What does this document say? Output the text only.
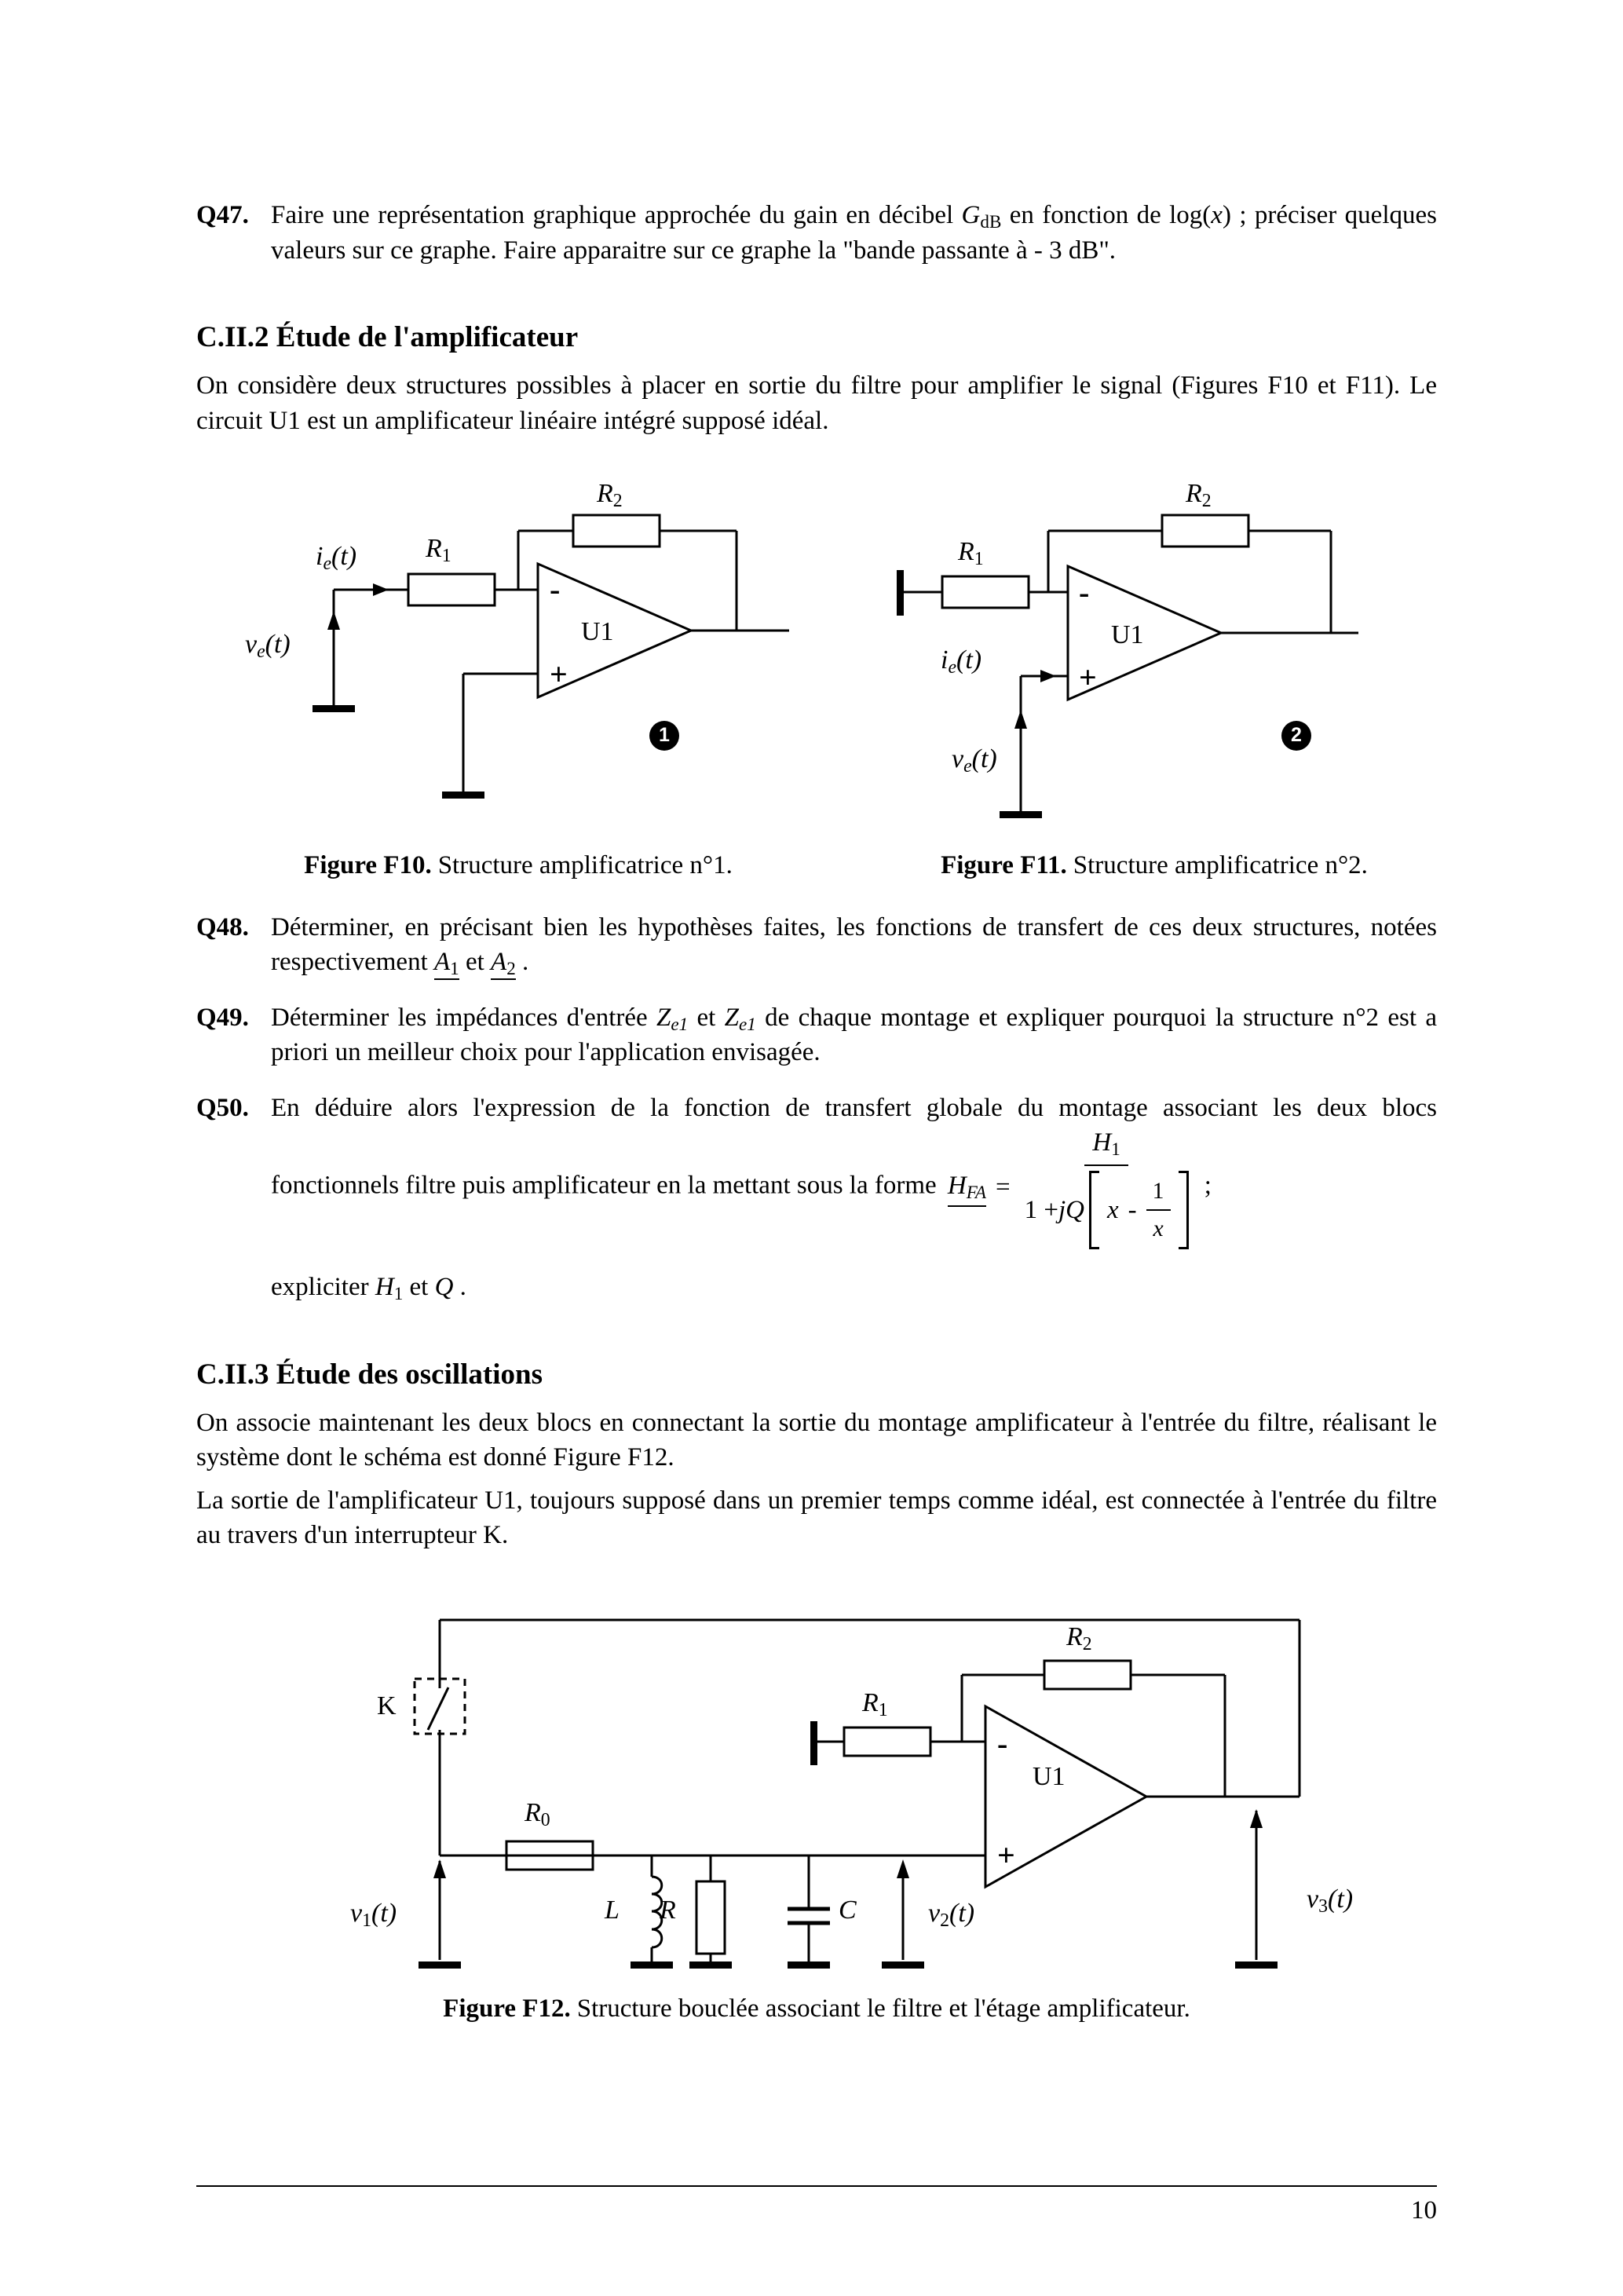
Q47. Faire une représentation graphique approchée du gain en décibel $G_{dB}$ en fonction de log(x) ; préciser quelques valeurs sur ce graphe. Faire apparaitre sur ce graphe la "bande passante à - 3 dB".

C.II.2 Étude de l'amplificateur

On considère deux structures possibles à placer en sortie du filtre pour amplifier le signal (Figures F10 et F11). Le circuit U1 est un amplificateur linéaire intégré supposé idéal.

$i_e(t)$
$v_e(t)$
$R_1$
$R_2$
-
+
U1
1
Figure F10. Structure amplificatrice n°1.
$R_1$
$R_2$
$i_e(t)$
$v_e(t)$
-
+
U1
2
Figure F11. Structure amplificatrice n°2.

Q48. Déterminer, en précisant bien les hypothèses faites, les fonctions de transfert de ces deux structures, notées respectivement $A_1$ et $A_2$ .

Q49. Déterminer les impédances d'entrée $Z_{e1}$ et $Z_{e1}$ de chaque montage et expliquer pourquoi la structure n°2 est a priori un meilleur choix pour l'application envisagée.

Q50. En déduire alors l'expression de la fonction de transfert globale du montage associant les deux blocs fonctionnels filtre puis amplificateur en la mettant sous la forme $H_{FA} = H_1$
1 + jQ x -
1
x ;

expliciter $H_1$ et Q .

C.II.3 Étude des oscillations

On associe maintenant les deux blocs en connectant la sortie du montage amplificateur à l'entrée du filtre, réalisant le système dont le schéma est donné Figure F12.

La sortie de l'amplificateur U1, toujours supposé dans un premier temps comme idéal, est connectée à l'entrée du filtre au travers d'un interrupteur K.

K
$R_0$
L R	C
$v_1(t)$	$v_2(t)$	$v_3(t)$
$R_1$
$R_2$
-
+
U1
Figure F12. Structure bouclée associant le filtre et l'étage amplificateur.
10
